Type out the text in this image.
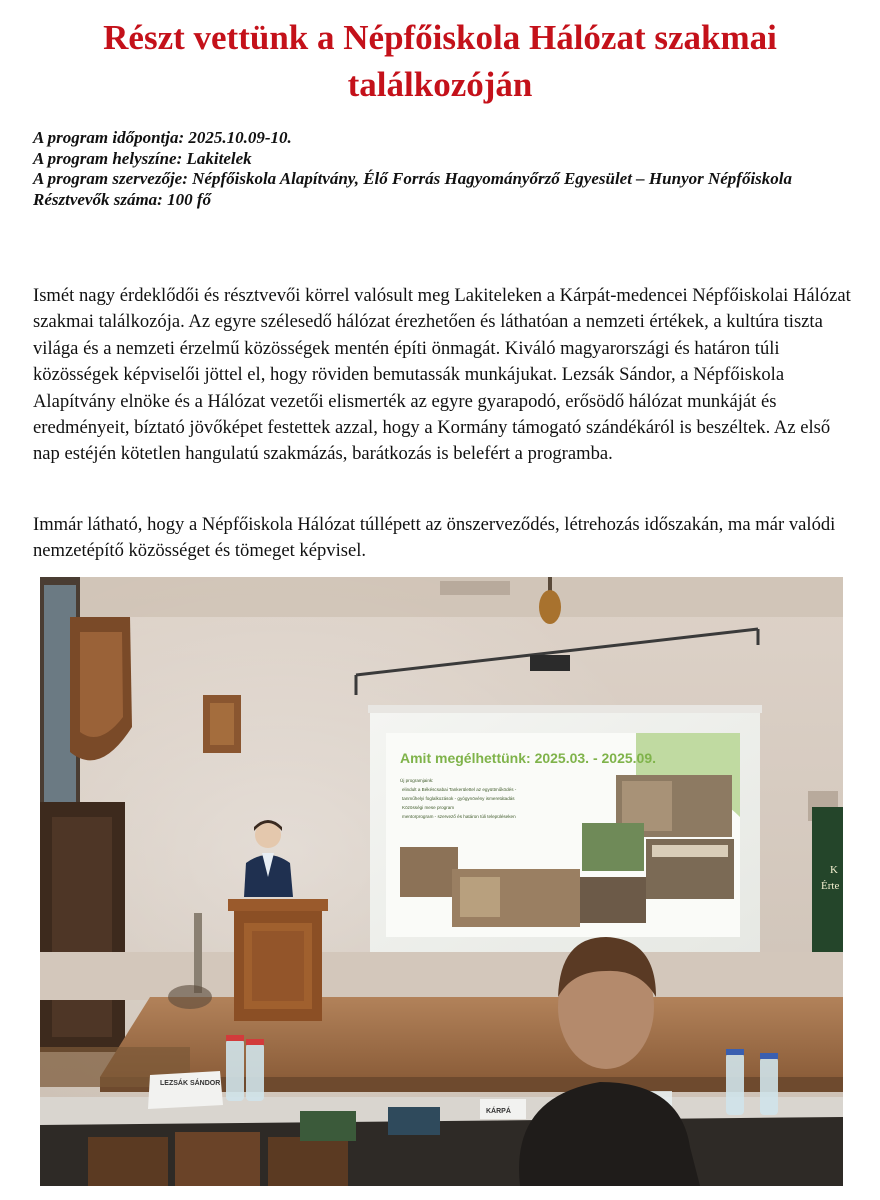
Részt vettünk a Népfőiskola Hálózat szakmai találkozóján
A program időpontja: 2025.10.09-10.
A program helyszíne: Lakitelek
A program szervezője: Népfőiskola Alapítvány, Élő Forrás Hagyományőrző Egyesület – Hunyor Népfőiskola
Résztvevők száma: 100 fő

Ismét nagy érdeklődői és résztvevői körrel valósult meg Lakiteleken a Kárpát-medencei Népfőiskolai Hálózat szakmai találkozója. Az egyre szélesedő hálózat érezhetően és láthatóan a nemzeti értékek, a kultúra tiszta világa és a nemzeti érzelmű közösségek mentén építi önmagát. Kiváló magyarországi és határon túli közösségek képviselői jöttel el, hogy röviden bemutassák munkájukat. Lezsák Sándor, a Népfőiskola Alapítvány elnöke és a Hálózat vezetői elismerték az egyre gyarapodó, erősödő hálózat munkáját és eredményeit, bíztató jövőképet festettek azzal, hogy a Kormány támogató szándékáról is beszéltek. Az első nap estéjén kötetlen hangulatú szakmázás, barátkozás is belefért a programba.

Immár látható, hogy a Népfőiskola Hálózat túllépett az önszerveződés, létrehozás időszakán, ma már valódi nemzetépítő közösséget és tömeget képvisel.

Amit megélhettünk: 2025.03. - 2025.09.
Új programjaink:
elindult a Békéscsabai Tankerülettel az együttműködés -
tanműhelyi foglalkozások - gyógynövény ismeretátadás
Közösségi mese program
mentorprogram - szervező és határon túli településeken
K
Érte
LEZSÁK SÁNDOR
KÁRPÁ
